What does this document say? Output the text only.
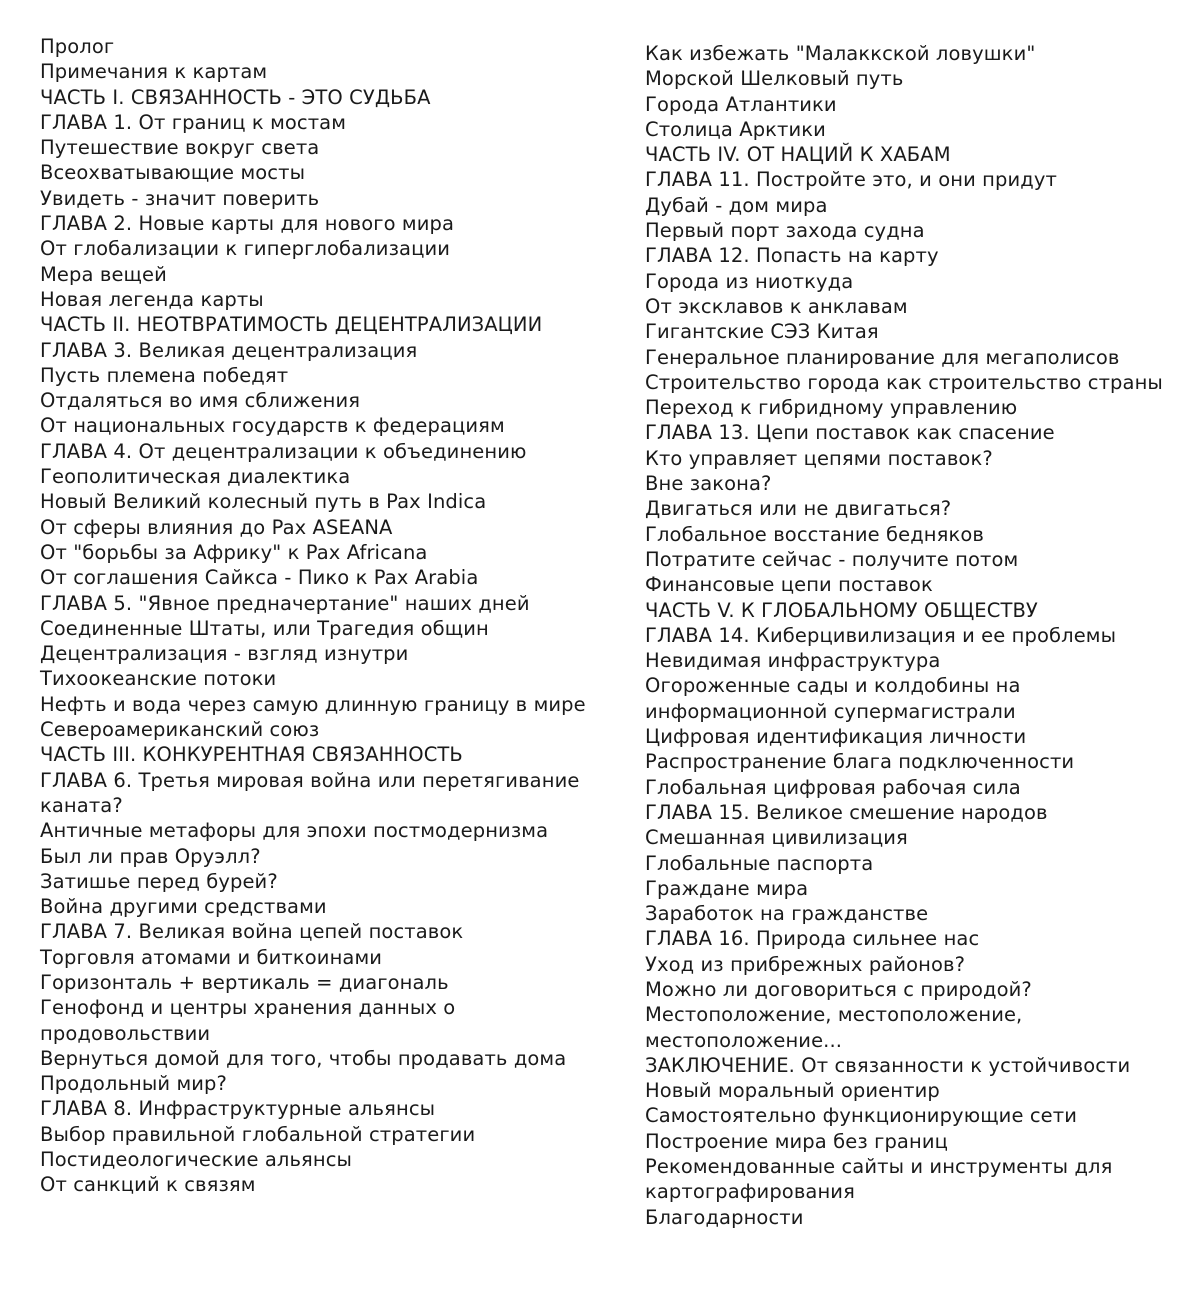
Пролог
Примечания к картам
ЧАСТЬ I. СВЯЗАННОСТЬ - ЭТО СУДЬБА
ГЛАВА 1. От границ к мостам
Путешествие вокруг света
Всеохватывающие мосты
Увидеть - значит поверить
ГЛАВА 2. Новые карты для нового мира
От глобализации к гиперглобализации
Мера вещей
Новая легенда карты
ЧАСТЬ II. НЕОТВРАТИМОСТЬ ДЕЦЕНТРАЛИЗАЦИИ
ГЛАВА 3. Великая децентрализация
Пусть племена победят
Отдаляться во имя сближения
От национальных государств к федерациям
ГЛАВА 4. От децентрализации к объединению
Геополитическая диалектика
Новый Великий колесный путь в Pax Indica
От сферы влияния до Pax ASEANA
От "борьбы за Африку" к Pax Africana
От соглашения Сайкса - Пико к Pax Arabia
ГЛАВА 5. "Явное предначертание" наших дней
Соединенные Штаты, или Трагедия общин
Децентрализация - взгляд изнутри
Тихоокеанские потоки
Нефть и вода через самую длинную границу в мире
Североамериканский союз
ЧАСТЬ III. КОНКУРЕНТНАЯ СВЯЗАННОСТЬ
ГЛАВА 6. Третья мировая война или перетягивание каната?
Античные метафоры для эпохи постмодернизма
Был ли прав Оруэлл?
Затишье перед бурей?
Война другими средствами
ГЛАВА 7. Великая война цепей поставок
Торговля атомами и биткоинами
Горизонталь + вертикаль = диагональ
Генофонд и центры хранения данных о продовольствии
Вернуться домой для того, чтобы продавать дома
Продольный мир?
ГЛАВА 8. Инфраструктурные альянсы
Выбор правильной глобальной стратегии
Постидеологические альянсы
От санкций к связям
Как избежать "Малаккской ловушки"
Морской Шелковый путь
Города Атлантики
Столица Арктики
ЧАСТЬ IV. ОТ НАЦИЙ К ХАБАМ
ГЛАВА 11. Постройте это, и они придут
Дубай - дом мира
Первый порт захода судна
ГЛАВА 12. Попасть на карту
Города из ниоткуда
От эксклавов к анклавам
Гигантские СЭЗ Китая
Генеральное планирование для мегаполисов
Строительство города как строительство страны
Переход к гибридному управлению
ГЛАВА 13. Цепи поставок как спасение
Кто управляет цепями поставок?
Вне закона?
Двигаться или не двигаться?
Глобальное восстание бедняков
Потратите сейчас - получите потом
Финансовые цепи поставок
ЧАСТЬ V. К ГЛОБАЛЬНОМУ ОБЩЕСТВУ
ГЛАВА 14. Киберцивилизация и ее проблемы
Невидимая инфраструктура
Огороженные сады и колдобины на информационной супермагистрали
Цифровая идентификация личности
Распространение блага подключенности
Глобальная цифровая рабочая сила
ГЛАВА 15. Великое смешение народов
Смешанная цивилизация
Глобальные паспорта
Граждане мира
Заработок на гражданстве
ГЛАВА 16. Природа сильнее нас
Уход из прибрежных районов?
Можно ли договориться с природой?
Местоположение, местоположение, местоположение...
ЗАКЛЮЧЕНИЕ. От связанности к устойчивости
Новый моральный ориентир
Самостоятельно функционирующие сети
Построение мира без границ
Рекомендованные сайты и инструменты для картографирования
Благодарности
